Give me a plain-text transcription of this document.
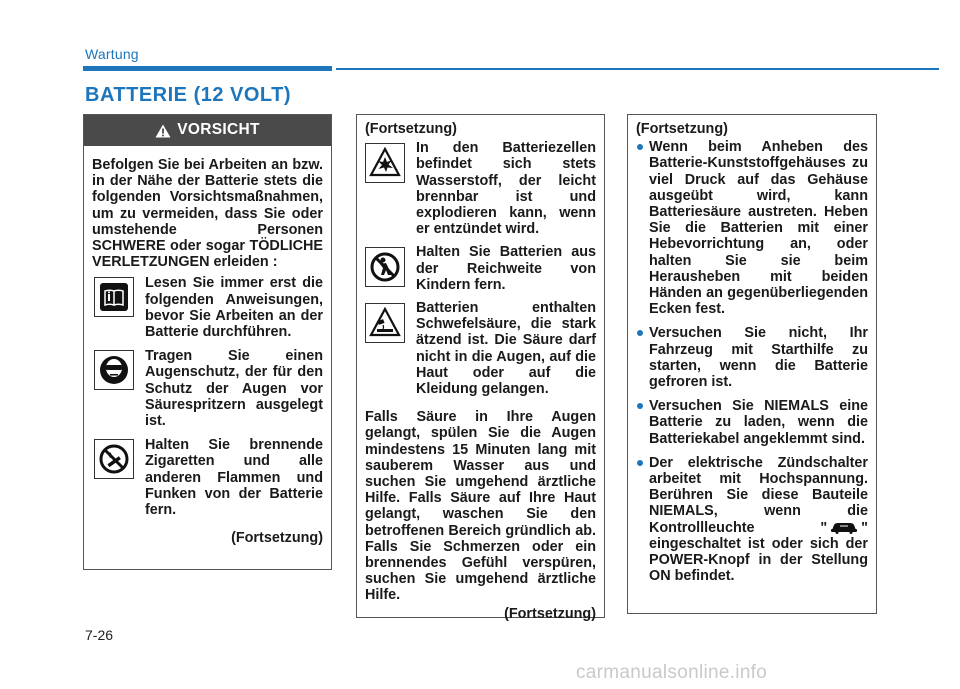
Wartung
BATTERIE (12 VOLT)
VORSICHT
Befolgen Sie bei Arbeiten an bzw. in der Nähe der Batterie stets die folgenden Vorsichtsmaßnahmen, um zu vermeiden, dass Sie oder umstehende Personen SCHWERE oder sogar TÖDLICHE VERLETZUNGEN erleiden :
Lesen Sie immer erst die folgenden Anweisungen, bevor Sie Arbeiten an der Batterie durchführen.
Tragen Sie einen Augenschutz, der für den Schutz der Augen vor Säurespritzern ausgelegt ist.
Halten Sie brennende Zigaretten und alle anderen Flammen und Funken von der Batterie fern.
(Fortsetzung)
(Fortsetzung)
In den Batteriezellen befindet sich stets Wasserstoff, der leicht brennbar ist und explodieren kann, wenn er entzündet wird.
Halten Sie Batterien aus der Reichweite von Kindern fern.
Batterien enthalten Schwefelsäure, die stark ätzend ist. Die Säure darf nicht in die Augen, auf die Haut oder auf die Kleidung gelangen.
Falls Säure in Ihre Augen gelangt, spülen Sie die Augen mindestens 15 Minuten lang mit sauberem Wasser aus und suchen Sie umgehend ärztliche Hilfe. Falls Säure auf Ihre Haut gelangt, waschen Sie den betroffenen Bereich gründlich ab. Falls Sie Schmerzen oder ein brennendes Gefühl verspüren, suchen Sie umgehend ärztliche Hilfe.
(Fortsetzung)
(Fortsetzung)
Wenn beim Anheben des Batterie-Kunststoffgehäuses zu viel Druck auf das Gehäuse ausgeübt wird, kann Batteriesäure austreten. Heben Sie die Batterien mit einer Hebevorrichtung an, oder halten Sie sie beim Herausheben mit beiden Händen an gegenüberliegenden Ecken fest.
Versuchen Sie nicht, Ihr Fahrzeug mit Starthilfe zu starten, wenn die Batterie gefroren ist.
Versuchen Sie NIEMALS eine Batterie zu laden, wenn die Batteriekabel angeklemmt sind.
Der elektrische Zündschalter arbeitet mit Hochspannung. Berühren Sie diese Bauteile NIEMALS, wenn die Kontrollleuchte " " eingeschaltet ist oder sich der POWER-Knopf in der Stellung ON befindet.
7-26
carmanualsonline.info
